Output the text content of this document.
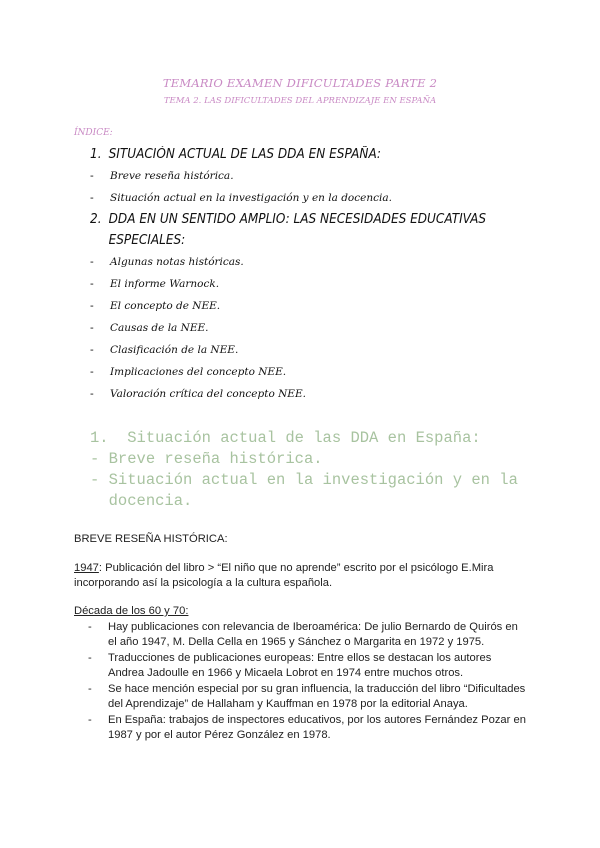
TEMARIO EXAMEN DIFICULTADES PARTE 2
TEMA 2. LAS DIFICULTADES DEL APRENDIZAJE EN ESPAÑA
ÍNDICE:
1. SITUACIÓN ACTUAL DE LAS DDA EN ESPAÑA:
-	Breve reseña histórica.
-	Situación actual en la investigación y en la docencia.
2. DDA EN UN SENTIDO AMPLIO: LAS NECESIDADES EDUCATIVAS ESPECIALES:
-	Algunas notas históricas.
-	El informe Warnock.
-	El concepto de NEE.
-	Causas de la NEE.
-	Clasificación de la NEE.
-	Implicaciones del concepto NEE.
-	Valoración crítica del concepto NEE.
1. Situación actual de las DDA en España:
- Breve reseña histórica.
- Situación actual en la investigación y en la docencia.
BREVE RESEÑA HISTÓRICA:
1947: Publicación del libro > “El niño que no aprende” escrito por el psicólogo E.Mira incorporando así la psicología a la cultura española.
Década de los 60 y 70:
-	Hay publicaciones con relevancia de Iberoamérica: De julio Bernardo de Quirós en el año 1947, M. Della Cella en 1965 y Sánchez o Margarita en 1972 y 1975.
-	Traducciones de publicaciones europeas: Entre ellos se destacan los autores Andrea Jadoulle en 1966 y Micaela Lobrot en 1974 entre muchos otros.
-	Se hace mención especial por su gran influencia, la traducción del libro “Dificultades del Aprendizaje” de Hallaham y Kauffman en 1978 por la editorial Anaya.
-	En España: trabajos de inspectores educativos, por los autores Fernández Pozar en 1987 y por el autor Pérez González en 1978.
